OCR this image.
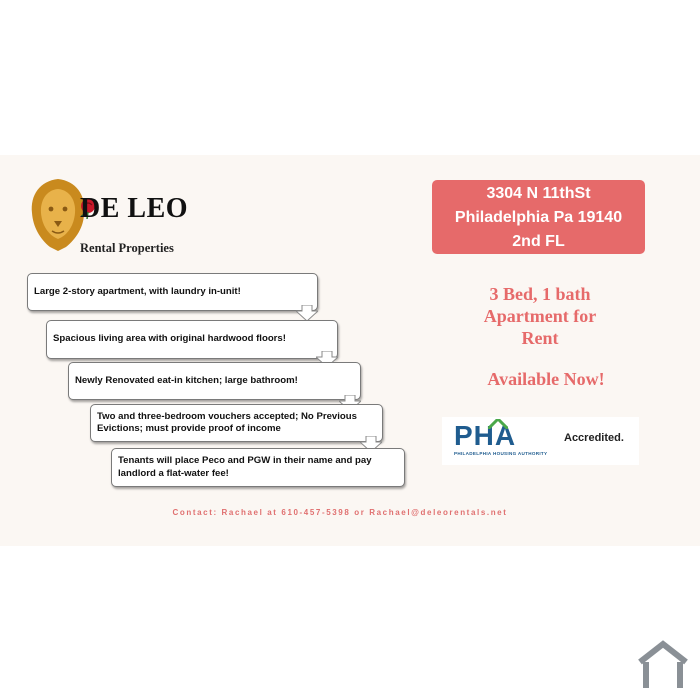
DE LEO
Rental Properties
Large 2-story apartment, with laundry in-unit!
Spacious living area with original hardwood floors!
Newly Renovated eat-in kitchen; large bathroom!
Two and three-bedroom vouchers accepted; No Previous Evictions; must provide proof of income
Tenants will place Peco and PGW in their name and pay landlord a flat-water fee!
3304 N 11thSt
Philadelphia Pa 19140
2nd FL
3 Bed, 1 bath
Apartment for
Rent
Available Now!
PHA
PHILADELPHIA HOUSING AUTHORITY
Accredited.
Contact: Rachael at 610-457-5398 or Rachael@deleorentals.net
